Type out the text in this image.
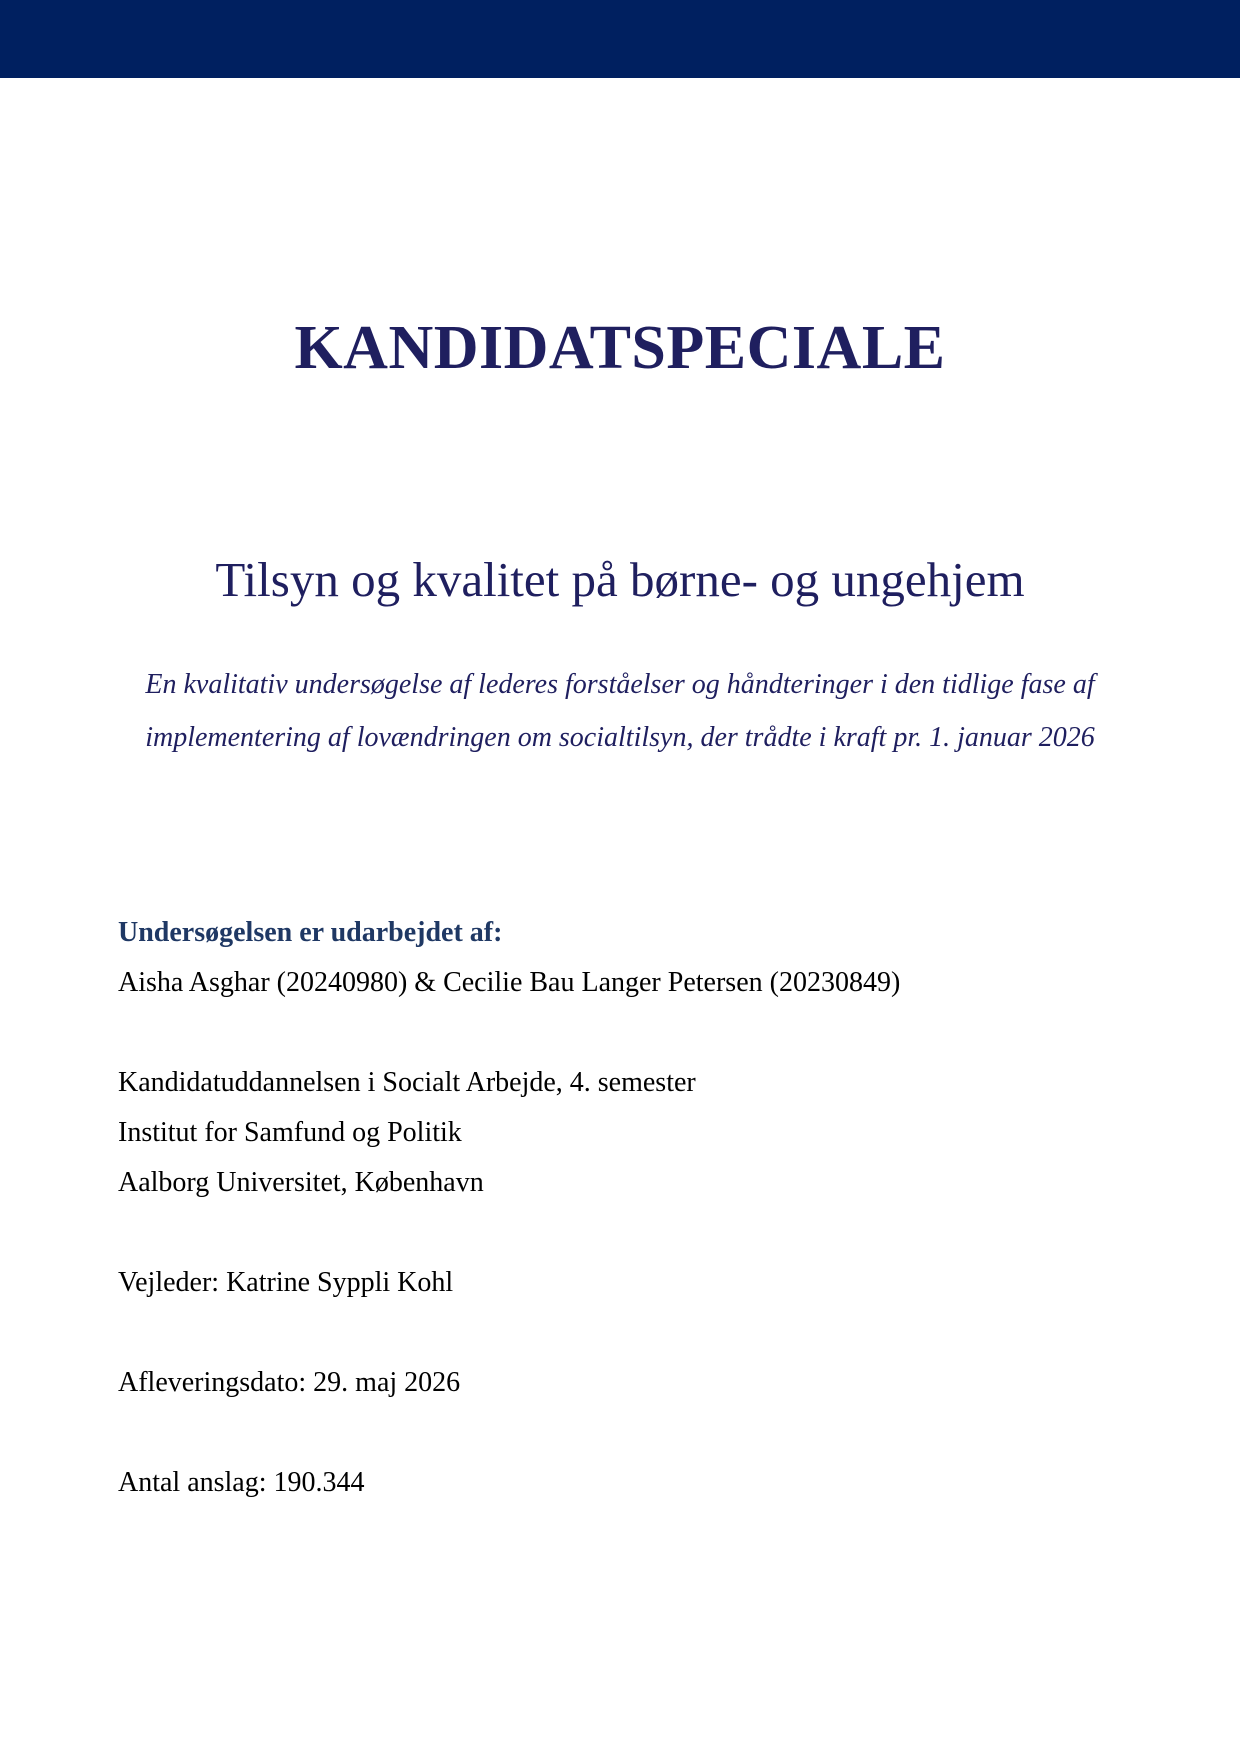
KANDIDATSPECIALE
Tilsyn og kvalitet på børne- og ungehjem
En kvalitativ undersøgelse af lederes forståelser og håndteringer i den tidlige fase af implementering af lovændringen om socialtilsyn, der trådte i kraft pr. 1. januar 2026
Undersøgelsen er udarbejdet af:
Aisha Asghar (20240980) & Cecilie Bau Langer Petersen (20230849)
Kandidatuddannelsen i Socialt Arbejde, 4. semester
Institut for Samfund og Politik
Aalborg Universitet, København
Vejleder: Katrine Syppli Kohl
Afleveringsdato: 29. maj 2026
Antal anslag: 190.344
